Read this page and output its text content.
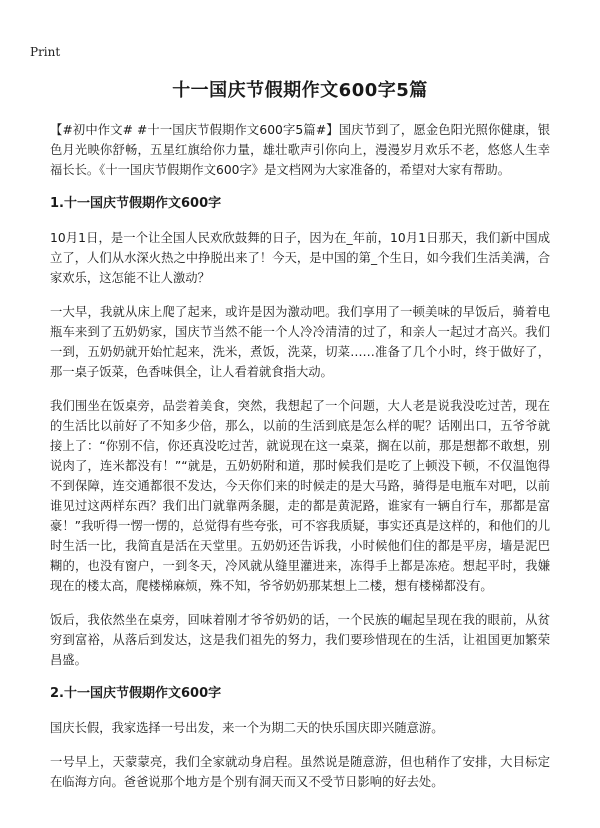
Print
十一国庆节假期作文600字5篇

【#初中作文# #十一国庆节假期作文600字5篇#】国庆节到了，愿金色阳光照你健康，银色月光映你舒畅，五星红旗给你力量，雄壮歌声引你向上，漫漫岁月欢乐不老，悠悠人生幸福长长。《十一国庆节假期作文600字》是文档网为大家准备的，希望对大家有帮助。

1.十一国庆节假期作文600字

10月1日，是一个让全国人民欢欣鼓舞的日子，因为在_年前，10月1日那天，我们新中国成立了，人们从水深火热之中挣脱出来了！今天，是中国的第_个生日，如今我们生活美满，合家欢乐，这怎能不让人激动？

一大早，我就从床上爬了起来，或许是因为激动吧。我们享用了一顿美味的早饭后，骑着电瓶车来到了五奶奶家，国庆节当然不能一个人冷冷清清的过了，和亲人一起过才高兴。我们一到，五奶奶就开始忙起来，洗米，煮饭，洗菜，切菜……准备了几个小时，终于做好了，那一桌子饭菜，色香味俱全，让人看着就食指大动。

我们围坐在饭桌旁，品尝着美食，突然，我想起了一个问题，大人老是说我没吃过苦，现在的生活比以前好了不知多少倍，那么，以前的生活到底是怎么样的呢？话刚出口，五爷爷就接上了：“你别不信，你还真没吃过苦，就说现在这一桌菜，搁在以前，那是想都不敢想，别说肉了，连米都没有！”“就是，五奶奶附和道，那时候我们是吃了上顿没下顿，不仅温饱得不到保障，连交通都很不发达，今天你们来的时候走的是大马路，骑得是电瓶车对吧，以前谁见过这两样东西？我们出门就靠两条腿，走的都是黄泥路，谁家有一辆自行车，那都是富豪！”我听得一愣一愣的，总觉得有些夸张，可不容我质疑，事实还真是这样的，和他们的儿时生活一比，我简直是活在天堂里。五奶奶还告诉我，小时候他们住的都是平房，墙是泥巴糊的，也没有窗户，一到冬天，冷风就从缝里灌进来，冻得手上都是冻疮。想起平时，我嫌现在的楼太高，爬楼梯麻烦，殊不知，爷爷奶奶那某想上二楼，想有楼梯都没有。

饭后，我依然坐在桌旁，回味着刚才爷爷奶奶的话，一个民族的崛起呈现在我的眼前，从贫穷到富裕，从落后到发达，这是我们祖先的努力，我们要珍惜现在的生活，让祖国更加繁荣昌盛。

2.十一国庆节假期作文600字

国庆长假，我家选择一号出发，来一个为期二天的快乐国庆即兴随意游。

一号早上，天蒙蒙亮，我们全家就动身启程。虽然说是随意游，但也稍作了安排，大目标定在临海方向。爸爸说那个地方是个别有洞天而又不受节日影响的好去处。
